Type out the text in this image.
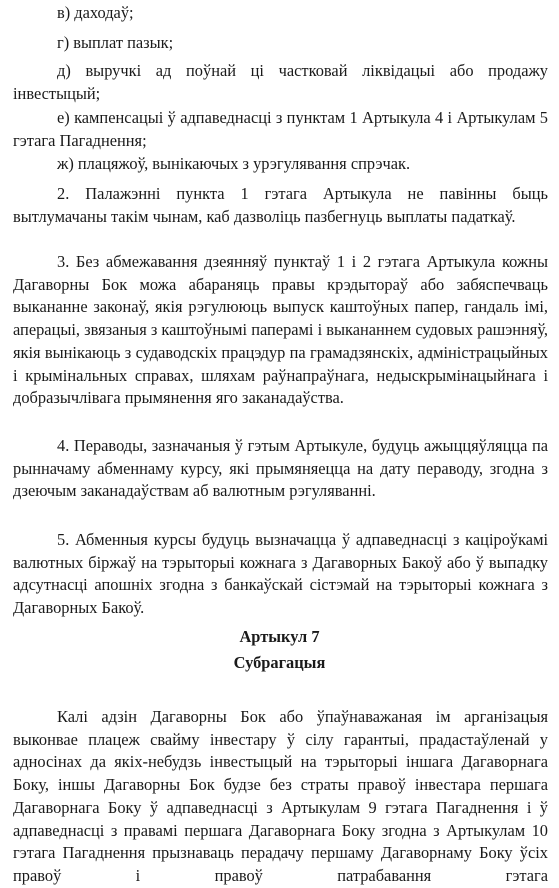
в) даходаў;

г) выплат пазык;

д) выручкі ад поўнай ці частковай ліквідацыі або продажу інвестыцый;

е) кампенсацыі ў адпаведнасці з пунктам 1 Артыкула 4 і Артыкулам 5 гэтага Пагаднення;

ж) плацяжоў, вынікаючых з урэгулявання спрэчак.

2. Палажэнні пункта 1 гэтага Артыкула не павінны быць вытлумачаны такім чынам, каб дазволіць пазбегнуць выплаты падаткаў.

3. Без абмежавання дзеянняў пунктаў 1 і 2 гэтага Артыкула кожны Дагаворны Бок можа абараняць правы крэдытораў або забяспечваць выкананне законаў, якія рэгулююць выпуск каштоўных папер, гандаль імі, аперацыі, звязаныя з каштоўнымі паперамі і выкананнем судовых рашэнняў, якія вынікаюць з судаводскіх працэдур па грамадзянскіх, адміністрацыйных і крымінальных справах, шляхам раўнапраўнага, недыскрымінацыйнага і добразычлівага прымянення яго заканадаўства.

4. Пераводы, зазначаныя ў гэтым Артыкуле, будуць ажыццяўляцца па рынначаму абменнаму курсу, які прымяняецца на дату пераводу, згодна з дзеючым заканадаўствам аб валютным рэгуляванні.

5. Абменныя курсы будуць вызначацца ў адпаведнасці з каціроўкамі валютных біржаў на тэрыторыі кожнага з Дагаворных Бакоў або ў выпадку адсутнасці апошніх згодна з банкаўскай сістэмай на тэрыторыі кожнага з Дагаворных Бакоў.

Артыкул 7

Субрагацыя

Калі адзін Дагаворны Бок або ўпаўнаважаная ім арганізацыя выконвае плацеж свайму інвестару ў сілу гарантыі, прадастаўленай у адносінах да якіх-небудзь інвестыцый на тэрыторыі іншага Дагаворнага Боку, іншы Дагаворны Бок будзе без страты правоў інвестара першага Дагаворнага Боку ў адпаведнасці з Артыкулам 9 гэтага Пагаднення і ў адпаведнасці з правамі першага Дагаворнага Боку згодна з Артыкулам 10 гэтага Пагаднення прызнаваць перадачу першаму Дагаворнаму Боку ўсіх правоў і правоў патрабавання гэтага
